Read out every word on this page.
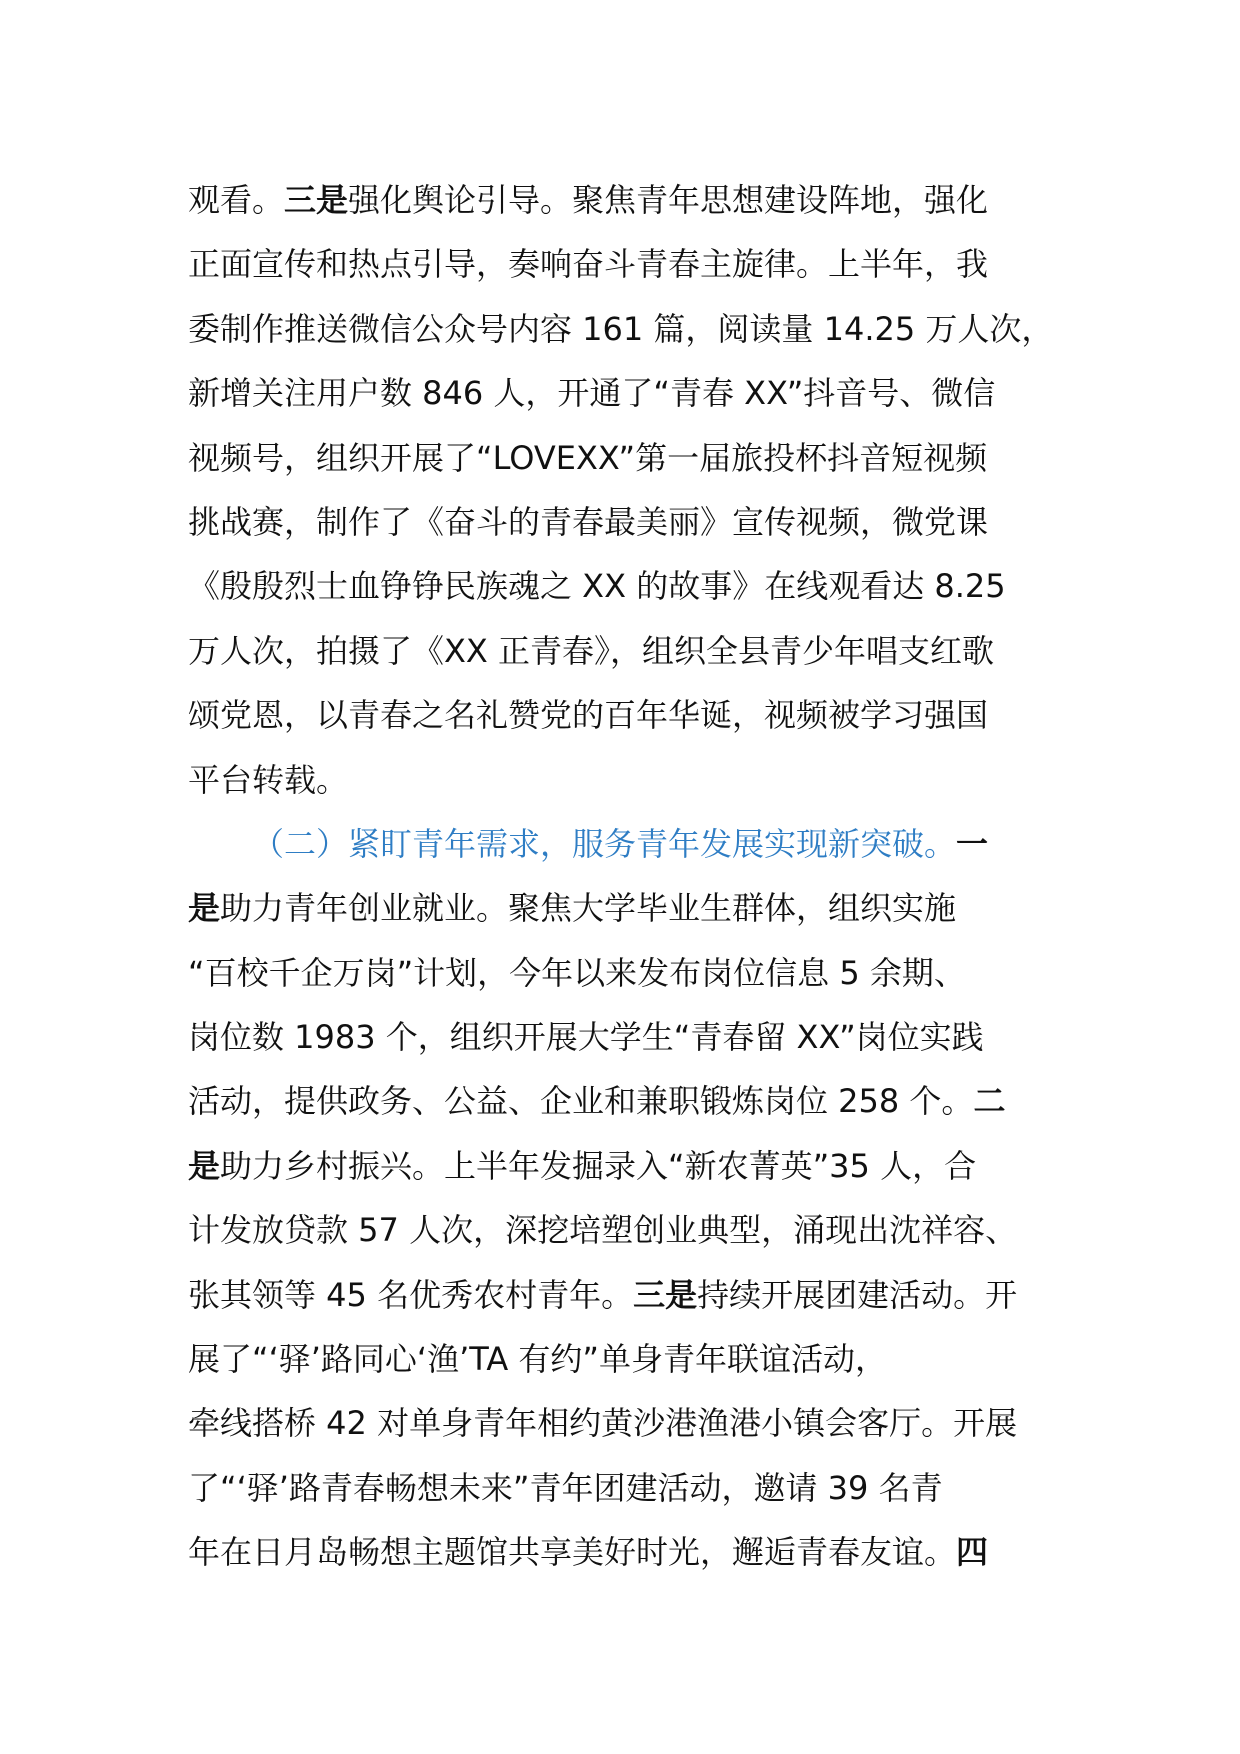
观看。三是强化舆论引导。聚焦青年思想建设阵地，强化
正面宣传和热点引导，奏响奋斗青春主旋律。上半年，我
委制作推送微信公众号内容 161 篇，阅读量 14.25 万人次，
新增关注用户数 846 人，开通了“青春 XX”抖音号、微信
视频号，组织开展了“LOVEXX”第一届旅投杯抖音短视频
挑战赛，制作了《奋斗的青春最美丽》宣传视频，微党课
《殷殷烈士血铮铮民族魂之 XX 的故事》在线观看达 8.25
万人次，拍摄了《XX 正青春》，组织全县青少年唱支红歌
颂党恩，以青春之名礼赞党的百年华诞，视频被学习强国
平台转载。
（二）紧盯青年需求，服务青年发展实现新突破。一
是助力青年创业就业。聚焦大学毕业生群体，组织实施
“百校千企万岗”计划，今年以来发布岗位信息 5 余期、
岗位数 1983 个，组织开展大学生“青春留 XX”岗位实践
活动，提供政务、公益、企业和兼职锻炼岗位 258 个。二
是助力乡村振兴。上半年发掘录入“新农菁英”35 人，合
计发放贷款 57 人次，深挖培塑创业典型，涌现出沈祥容、
张其领等 45 名优秀农村青年。三是持续开展团建活动。开
展了“‘驿’路同心‘渔’TA 有约”单身青年联谊活动，
牵线搭桥 42 对单身青年相约黄沙港渔港小镇会客厅。开展
了“‘驿’路青春畅想未来”青年团建活动，邀请 39 名青
年在日月岛畅想主题馆共享美好时光，邂逅青春友谊。四
